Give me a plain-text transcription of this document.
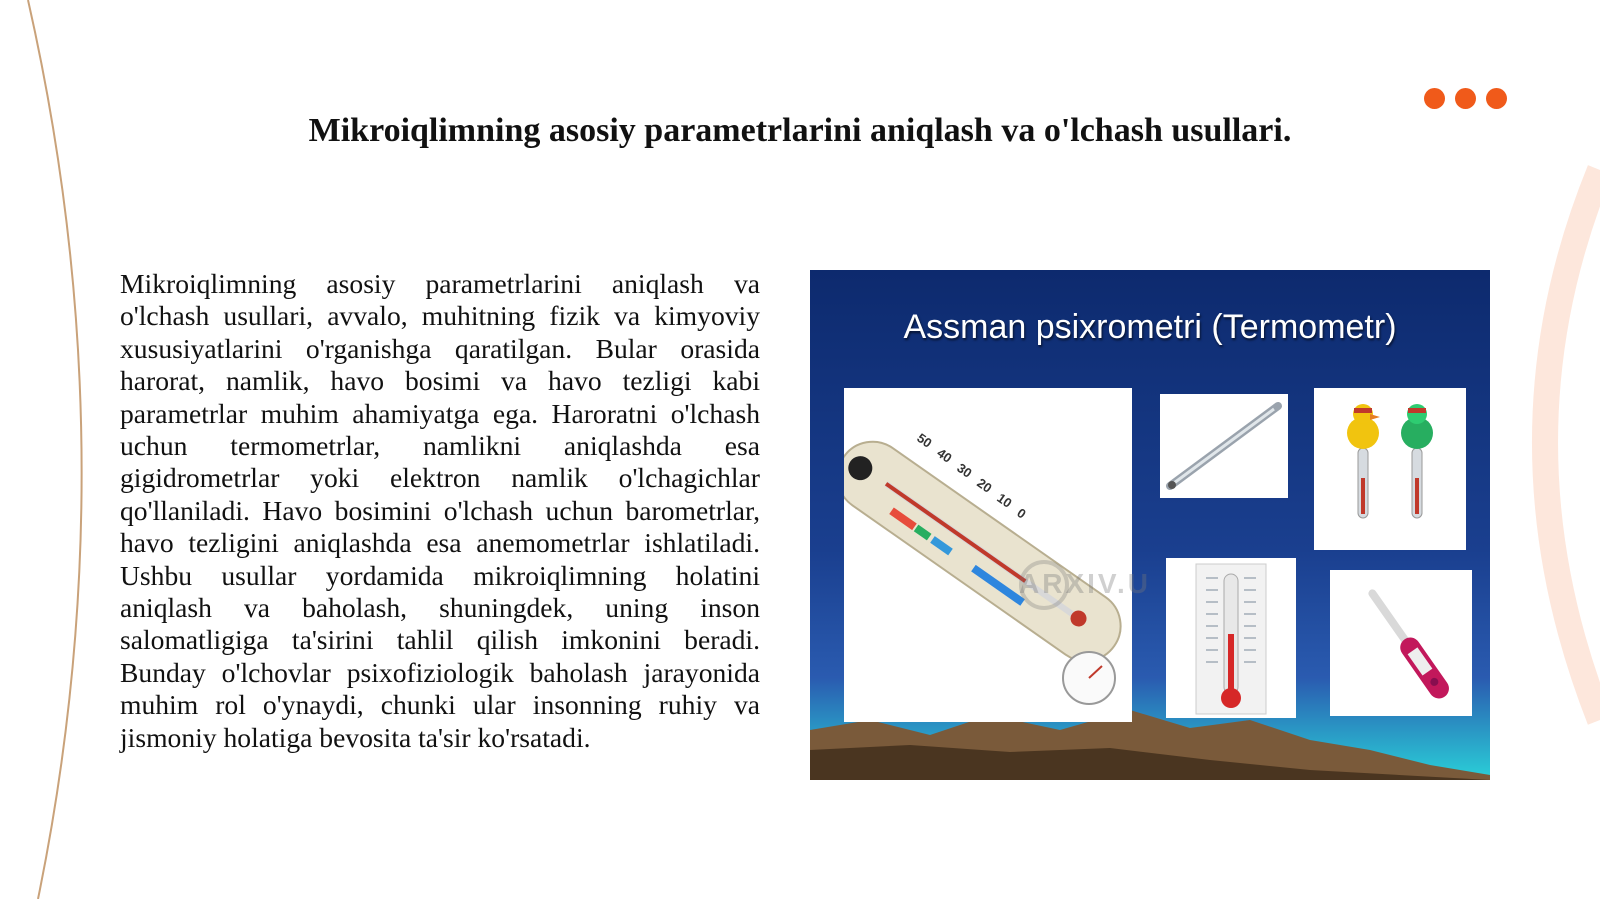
Mikroiqlimning asosiy parametrlarini aniqlash va o'lchash usullari.

Mikroiqlimning asosiy parametrlarini aniqlash va o'lchash usullari, avvalo, muhitning fizik va kimyoviy xususiyatlarini o'rganishga qaratilgan. Bular orasida harorat, namlik, havo bosimi va havo tezligi kabi parametrlar muhim ahamiyatga ega. Haroratni o'lchash uchun termometrlar, namlikni aniqlashda esa gigidrometrlar yoki elektron namlik o'lchagichlar qo'llaniladi. Havo bosimini o'lchash uchun barometrlar, havo tezligini aniqlashda esa anemometrlar ishlatiladi. Ushbu usullar yordamida mikroiqlimning holatini aniqlash va baholash, shuningdek, uning inson salomatligiga ta'sirini tahlil qilish imkonini beradi. Bunday o'lchovlar psixofiziologik baholash jarayonida muhim rol o'ynaydi, chunki ular insonning ruhiy va jismoniy holatiga bevosita ta'sir ko'rsatadi.

Assman psixrometri (Termometr)
50
40
30
20
10
0
ARXIV.U
